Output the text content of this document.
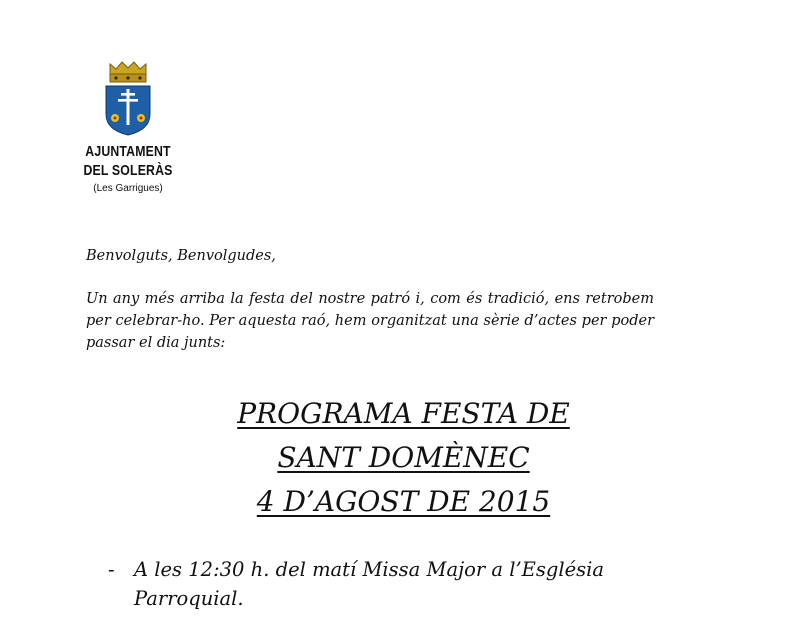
AJUNTAMENT
DEL SOLERÀS
(Les Garrigues)
Benvolguts, Benvolgudes,
Un any més arriba la festa del nostre patró i, com és tradició, ens retrobem per celebrar-ho. Per aquesta raó, hem organitzat una sèrie d’actes per poder passar el dia junts:
PROGRAMA FESTA DE
SANT DOMÈNEC
4 D’AGOST DE 2015
- A les 12:30 h. del matí Missa Major a l’Església Parroquial.
